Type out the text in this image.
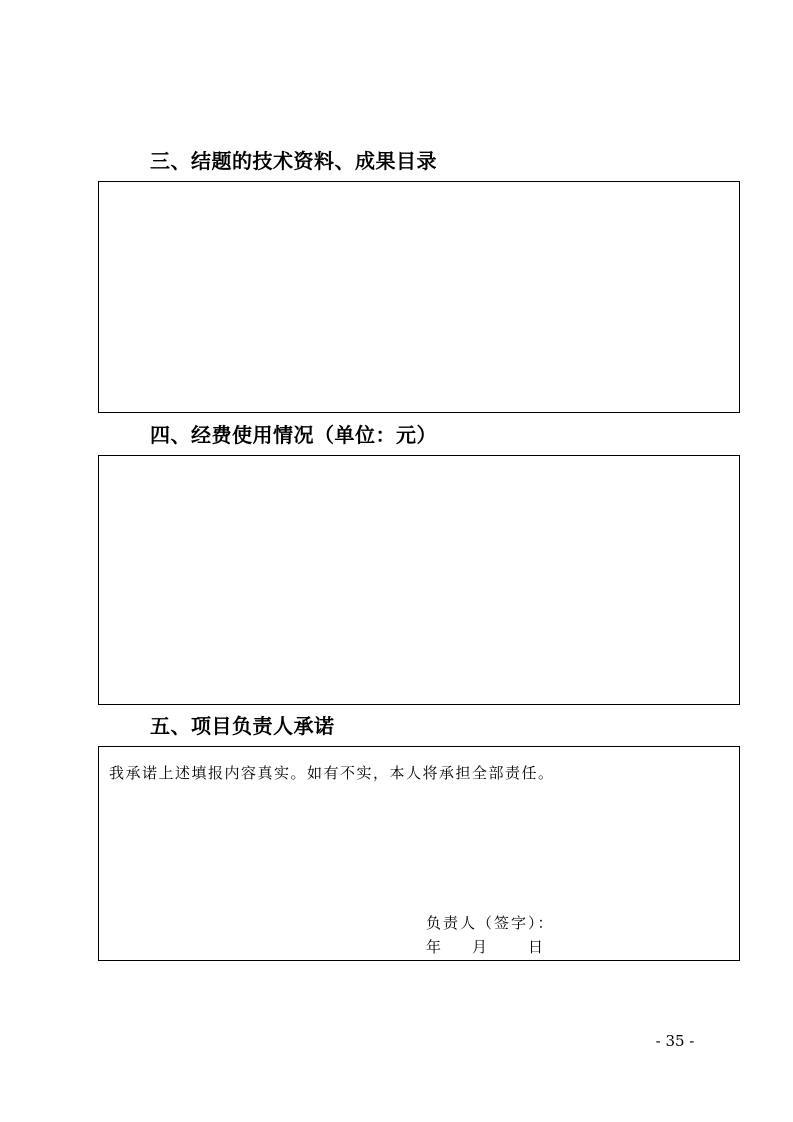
三、结题的技术资料、成果目录
四、经费使用情况（单位：元）
五、项目负责人承诺
我承诺上述填报内容真实。如有不实，本人将承担全部责任。
负责人（签字）：
年 月	日
- 35 -
